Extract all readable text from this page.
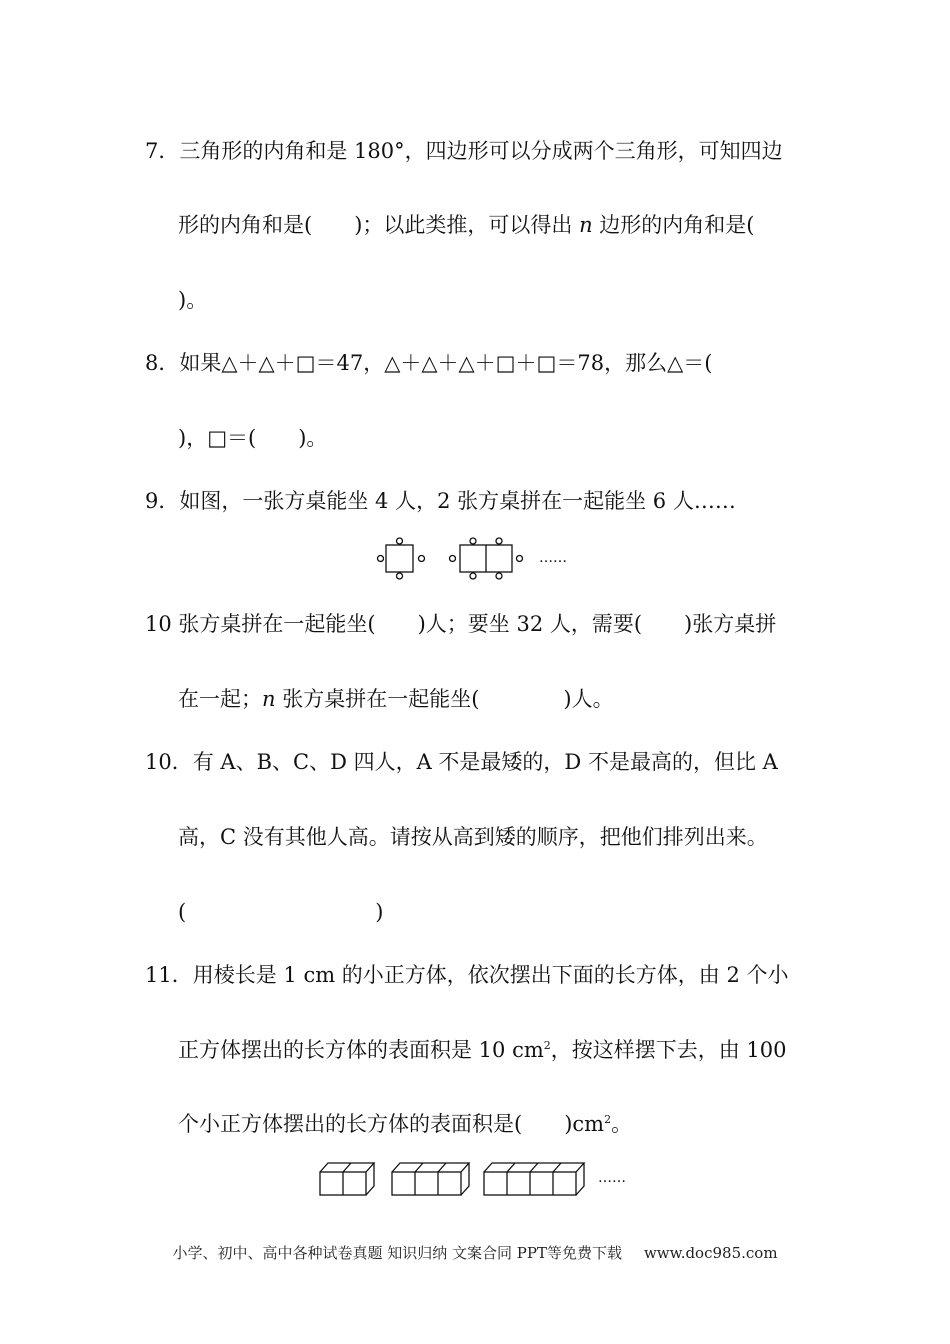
7．三角形的内角和是 180°，四边形可以分成两个三角形，可知四边
形的内角和是(　　)；以此类推，可以得出 n 边形的内角和是(
)。
8．如果△＋△＋□＝47，△＋△＋△＋□＋□＝78，那么△＝(
)，□＝(　　)。
9．如图，一张方桌能坐 4 人，2 张方桌拼在一起能坐 6 人……
……
10 张方桌拼在一起能坐(　　)人；要坐 32 人，需要(　　)张方桌拼
在一起；n 张方桌拼在一起能坐(　　　　)人。
10．有 A、B、C、D 四人，A 不是最矮的，D 不是最高的，但比 A
高，C 没有其他人高。请按从高到矮的顺序，把他们排列出来。
(　　　　　　　　　)
11．用棱长是 1 cm 的小正方体，依次摆出下面的长方体，由 2 个小
正方体摆出的长方体的表面积是 10 $cm^2$，按这样摆下去，由 100
个小正方体摆出的长方体的表面积是(　　)$cm^2$。
……
小学、初中、高中各种试卷真题 知识归纳 文案合同 PPT等免费下载 www.doc985.com
